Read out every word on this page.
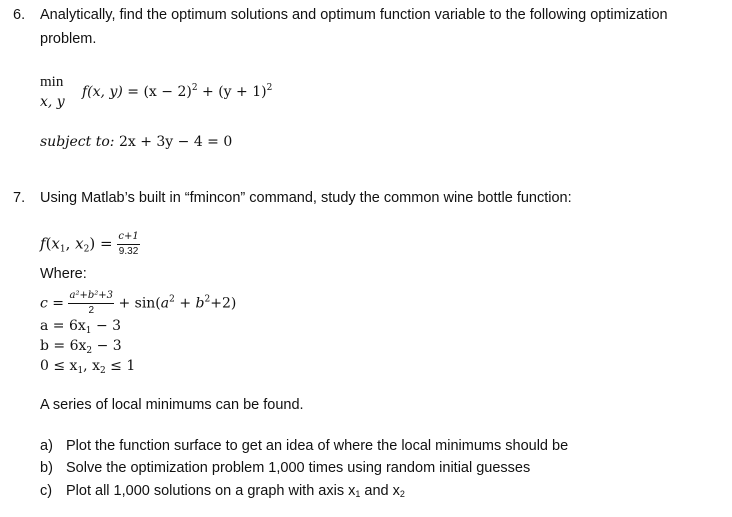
6. Analytically, find the optimum solutions and optimum function variable to the following optimization
problem.
min
x, y
f(x, $y) = (x - 2)^2 + (y + 1)^2$
subject to: 2x + 3y − 4 = 0
7. Using Matlab’s built in “fmincon” command, study the common wine bottle function:
$f(x_1$, $x_2) = \frac{c+1}{9.32}$
Where:
$c = \frac{\text{a²+b²+3}}{2} + \sin(a^2 + b^2+2)$
$a = 6x_1 - 3$
$b = 6x_2 - 3$
$0 \le x_1$, $x_2 \le 1$
A series of local minimums can be found.
a) Plot the function surface to get an idea of where the local minimums should be
b) Solve the optimization problem 1,000 times using random initial guesses
c) Plot all 1,000 solutions on a graph with axis x1 and x2
